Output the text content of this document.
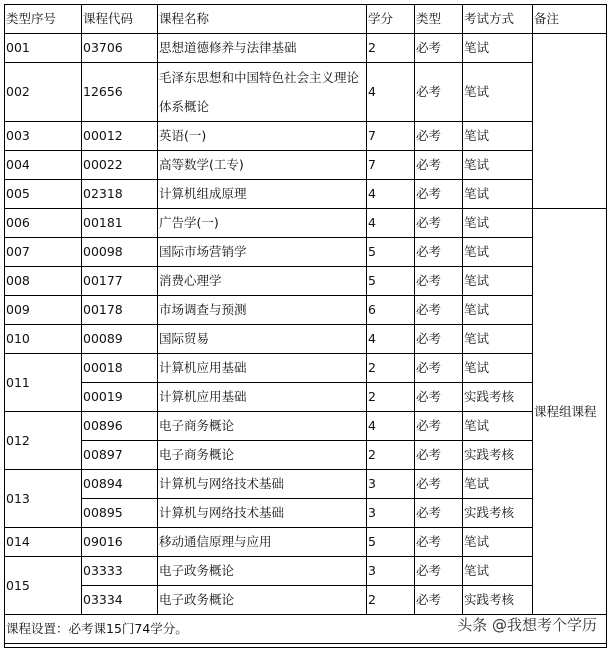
类型序号	课程代码	课程名称	学分	类型	考试方式	备注
001	03706	思想道德修养与法律基础	2	必考	笔试	
002	12656	毛泽东思想和中国特色社会主义理论体系概论	4	必考	笔试	
003	00012	英语(一)	7	必考	笔试	
004	00022	高等数学(工专)	7	必考	笔试	
005	02318	计算机组成原理	4	必考	笔试	
006	00181	广告学(一)	4	必考	笔试	课程组课程
007	00098	国际市场营销学	5	必考	笔试	
008	00177	消费心理学	5	必考	笔试	
009	00178	市场调查与预测	6	必考	笔试	
010	00089	国际贸易	4	必考	笔试	
011	00018	计算机应用基础	2	必考	笔试	
	00019	计算机应用基础	2	必考	实践考核	
012	00896	电子商务概论	4	必考	笔试	
	00897	电子商务概论	2	必考	实践考核	
013	00894	计算机与网络技术基础	3	必考	笔试	
	00895	计算机与网络技术基础	3	必考	实践考核	
014	09016	移动通信原理与应用	5	必考	笔试	
015	03333	电子政务概论	3	必考	笔试	
	03334	电子政务概论	2	必考	实践考核	
课程设置：必考课15门74学分。							头条 @我想考个学历
